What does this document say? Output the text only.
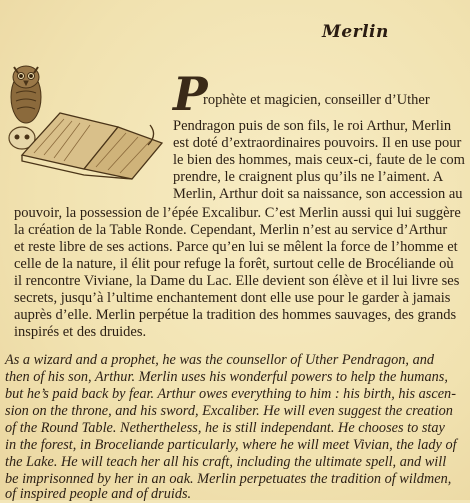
Merlin
P
rophète et magicien, conseiller d’Uther
Pendragon puis de son fils, le roi Arthur, Merlin
est doté d’extraordinaires pouvoirs. Il en use pour
le bien des hommes, mais ceux-ci, faute de le com
prendre, le craignent plus qu’ils ne l’aiment. A
Merlin, Arthur doit sa naissance, son accession au
pouvoir, la possession de l’épée Excalibur. C’est Merlin aussi qui lui suggère
la création de la Table Ronde. Cependant, Merlin n’est au service d’Arthur
et reste libre de ses actions. Parce qu’en lui se mêlent la force de l’homme et
celle de la nature, il élit pour refuge la forêt, surtout celle de Brocéliande où
il rencontre Viviane, la Dame du Lac. Elle devient son élève et il lui livre ses
secrets, jusqu’à l’ultime enchantement dont elle use pour le garder à jamais
auprès d’elle. Merlin perpétue la tradition des hommes sauvages, des grands
inspirés et des druides.
As a wizard and a prophet, he was the counsellor of Uther Pendragon, and
then of his son, Arthur. Merlin uses his wonderful powers to help the humans,
but he’s paid back by fear. Arthur owes everything to him : his birth, his ascen-
sion on the throne, and his sword, Excaliber. He will even suggest the creation
of the Round Table. Nethertheless, he is still independant. He chooses to stay
in the forest, in Broceliande particularly, where he will meet Vivian, the lady of
the Lake. He will teach her all his craft, including the ultimate spell, and will
be imprisonned by her in an oak. Merlin perpetuates the tradition of wildmen,
of inspired people and of druids.
